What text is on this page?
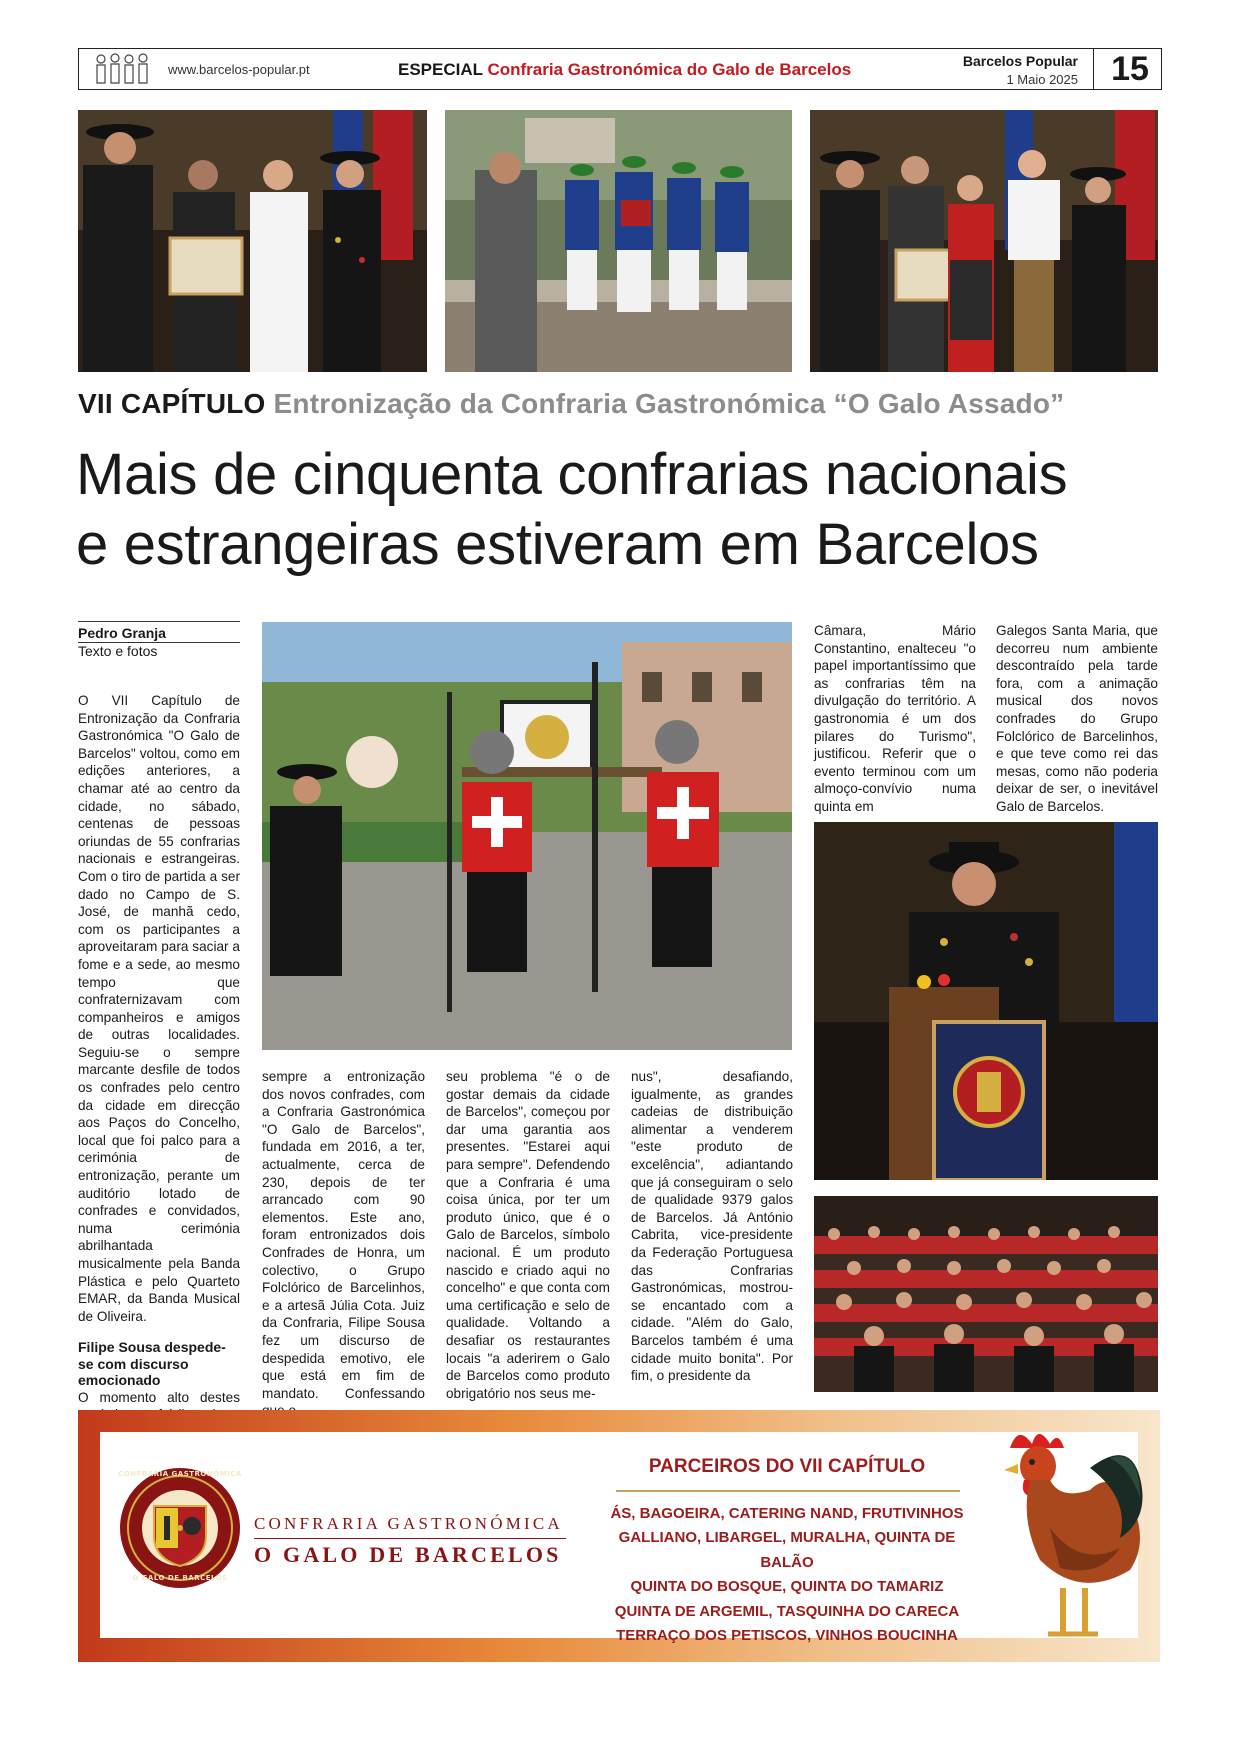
www.barcelos-popular.pt	ESPECIAL Confraria Gastronómica do Galo de Barcelos	Barcelos Popular
1 Maio 2025 15
VII CAPÍTULO Entronização da Confraria Gastronómica “O Galo Assado”
Mais de cinquenta confrarias nacionais
e estrangeiras estiveram em Barcelos
Pedro Granja
Texto e fotos

O VII Capítulo de Entronização da Confraria Gastronómica "O Galo de Barcelos" voltou, como em edições anteriores, a chamar até ao centro da cidade, no sábado, centenas de pessoas oriundas de 55 confrarias nacionais e estrangeiras. Com o tiro de partida a ser dado no Campo de S. José, de manhã cedo, com os participantes a aproveitaram para saciar a fome e a sede, ao mesmo tempo que confraternizavam com companheiros e amigos de outras localidades. Seguiu-se o sempre marcante desfile de todos os confrades pelo centro da cidade em direcção aos Paços do Concelho, local que foi palco para a cerimónia de entronização, perante um auditório lotado de confrades e convidados, numa cerimónia abrilhantada musicalmente pela Banda Plástica e pelo Quarteto EMAR, da Banda Musical de Oliveira.

Filipe Sousa despede-se com discurso emocionado

O momento alto destes

sempre a entronização dos novos confrades, com a Confraria Gastronómica "O Galo de Barcelos", fundada em 2016, a ter, actualmente, cerca de 230, depois de ter arrancado com 90 elementos. Este ano, foram entronizados dois Confrades de Honra, um colectivo, o Grupo Folclórico de Barcelinhos, e a artesã Júlia Cota. Juiz da Confraria, Filipe Sousa fez um discurso de despedida emotivo, ele que está em fim de mandato. Confessando

seu problema "é o de gostar demais da cidade de Barcelos", começou por dar uma garantia aos presentes. "Estarei aqui para sempre". Defendendo que a Confraria é uma coisa única, por ter um produto único, que é o Galo de Barcelos, símbolo nacional. É um produto nascido e criado aqui no concelho" e que conta com uma certificação e selo de qualidade. Voltando a desafiar os restaurantes locais "a aderirem o Galo de Barcelos como produto obrigatório nos seus me-

nus", desafiando, igualmente, as grandes cadeias de distribuição alimentar a venderem "este produto de excelência", adiantando que já conseguiram o selo de qualidade 9379 galos de Barcelos. Já António Cabrita, vice-presidente da Federação Portuguesa das Confrarias Gastronómicas, mostrou-se encantado com a cidade. "Além do Galo, Barcelos também é uma cidade muito bonita". Por fim, o presidente da

Câmara, Mário Constantino, enalteceu "o papel importantíssimo que as confrarias têm na divulgação do território. A gastronomia é um dos pilares do Turismo", justificou. Referir que o evento terminou com um almoço-convívio numa quinta em

Galegos Santa Maria, que decorreu num ambiente descontraído pela tarde fora, com a animação musical dos novos confrades do Grupo Folclórico de Barcelinhos, e que teve como rei das mesas, como não poderia deixar de ser, o inevitável Galo de Barcelos.

CONFRARIA GASTRONÓMICA
O GALO DE BARCELOS
CONFRARIA GASTRONÓMICA
O GALO DE BARCELOS
PARCEIROS DO VII CAPÍTULO
ÁS, BAGOEIRA, CATERING NAND, FRUTIVINHOS
GALLIANO, LIBARGEL, MURALHA, QUINTA DE BALÃO
QUINTA DO BOSQUE, QUINTA DO TAMARIZ
QUINTA DE ARGEMIL, TASQUINHA DO CARECA
TERRAÇO DOS PETISCOS, VINHOS BOUCINHA
